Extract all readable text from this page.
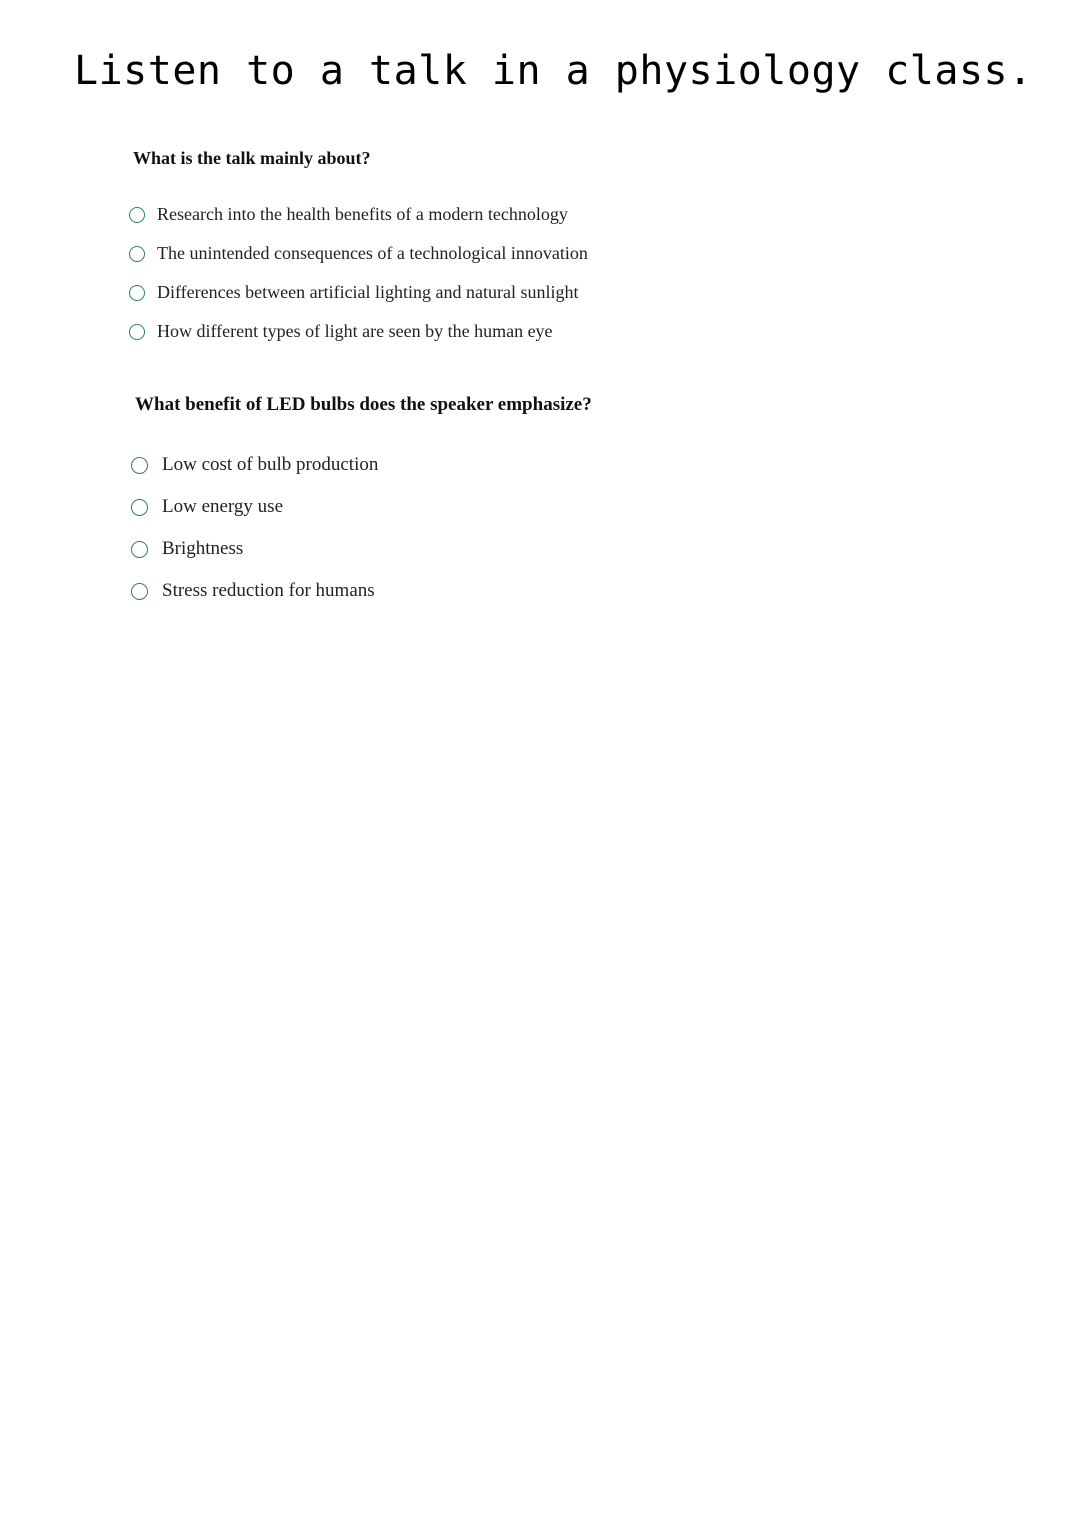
Listen to a talk in a physiology class.

What is the talk mainly about?

Research into the health benefits of a modern technology
The unintended consequences of a technological innovation
Differences between artificial lighting and natural sunlight
How different types of light are seen by the human eye

What benefit of LED bulbs does the speaker emphasize?

Low cost of bulb production
Low energy use
Brightness
Stress reduction for humans
